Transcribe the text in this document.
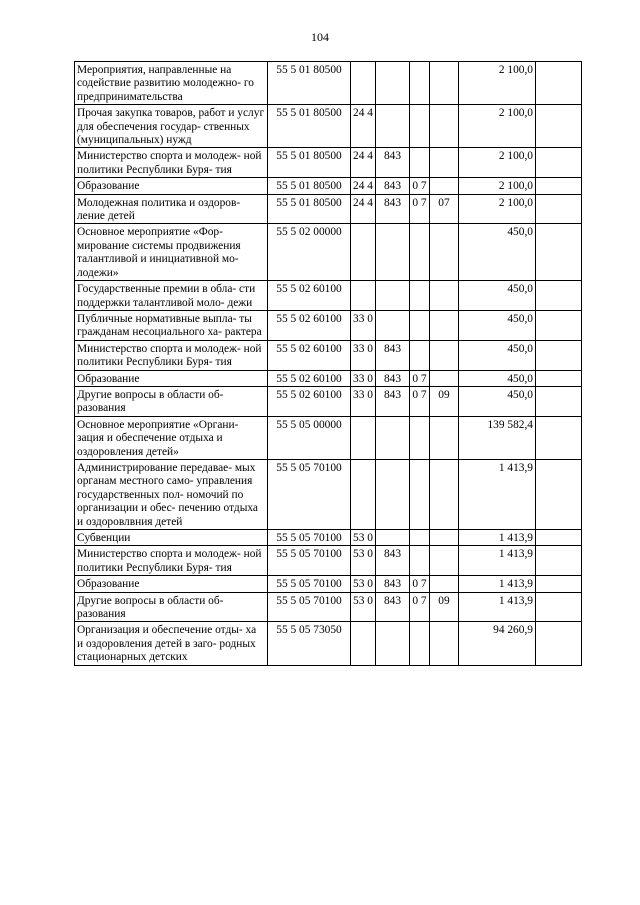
104
Мероприятия, направленные на содействие развитию молодежно- го предпринимательства	55 5 01 80500					2 100,0	
Прочая закупка товаров, работ и услуг для обеспечения государ- ственных (муниципальных) нужд	55 5 01 80500	24 4				2 100,0	
Министерство спорта и молодеж- ной политики Республики Буря- тия	55 5 01 80500	24 4	843			2 100,0	
Образование	55 5 01 80500	24 4	843	0 7		2 100,0	
Молодежная политика и оздоров- ление детей	55 5 01 80500	24 4	843	0 7	07	2 100,0	
Основное мероприятие «Фор- мирование системы продвижения талантливой и инициативной мо- лодежи»	55 5 02 00000					450,0	
Государственные премии в обла- сти поддержки талантливой моло- дежи	55 5 02 60100					450,0	
Публичные нормативные выпла- ты гражданам несоциального ха- рактера	55 5 02 60100	33 0				450,0	
Министерство спорта и молодеж- ной политики Республики Буря- тия	55 5 02 60100	33 0	843			450,0	
Образование	55 5 02 60100	33 0	843	0 7		450,0	
Другие вопросы в области об- разования	55 5 02 60100	33 0	843	0 7	09	450,0	
Основное мероприятие «Органи- зация и обеспечение отдыха и оздоровления детей»	55 5 05 00000					139 582,4	
Администрирование передавае- мых органам местного само- управления государственных пол- номочий по организации и обес- печению отдыха и оздоровлвния детей	55 5 05 70100					1 413,9	
Субвенции	55 5 05 70100	53 0				1 413,9	
Министерство спорта и молодеж- ной политики Республики Буря- тия	55 5 05 70100	53 0	843			1 413,9	
Образование	55 5 05 70100	53 0	843	0 7		1 413,9	
Другие вопросы в области об- разования	55 5 05 70100	53 0	843	0 7	09	1 413,9	
Организация и обеспечение отды- ха и оздоровления детей в заго- родных стационарных детских	55 5 05 73050					94 260,9	
